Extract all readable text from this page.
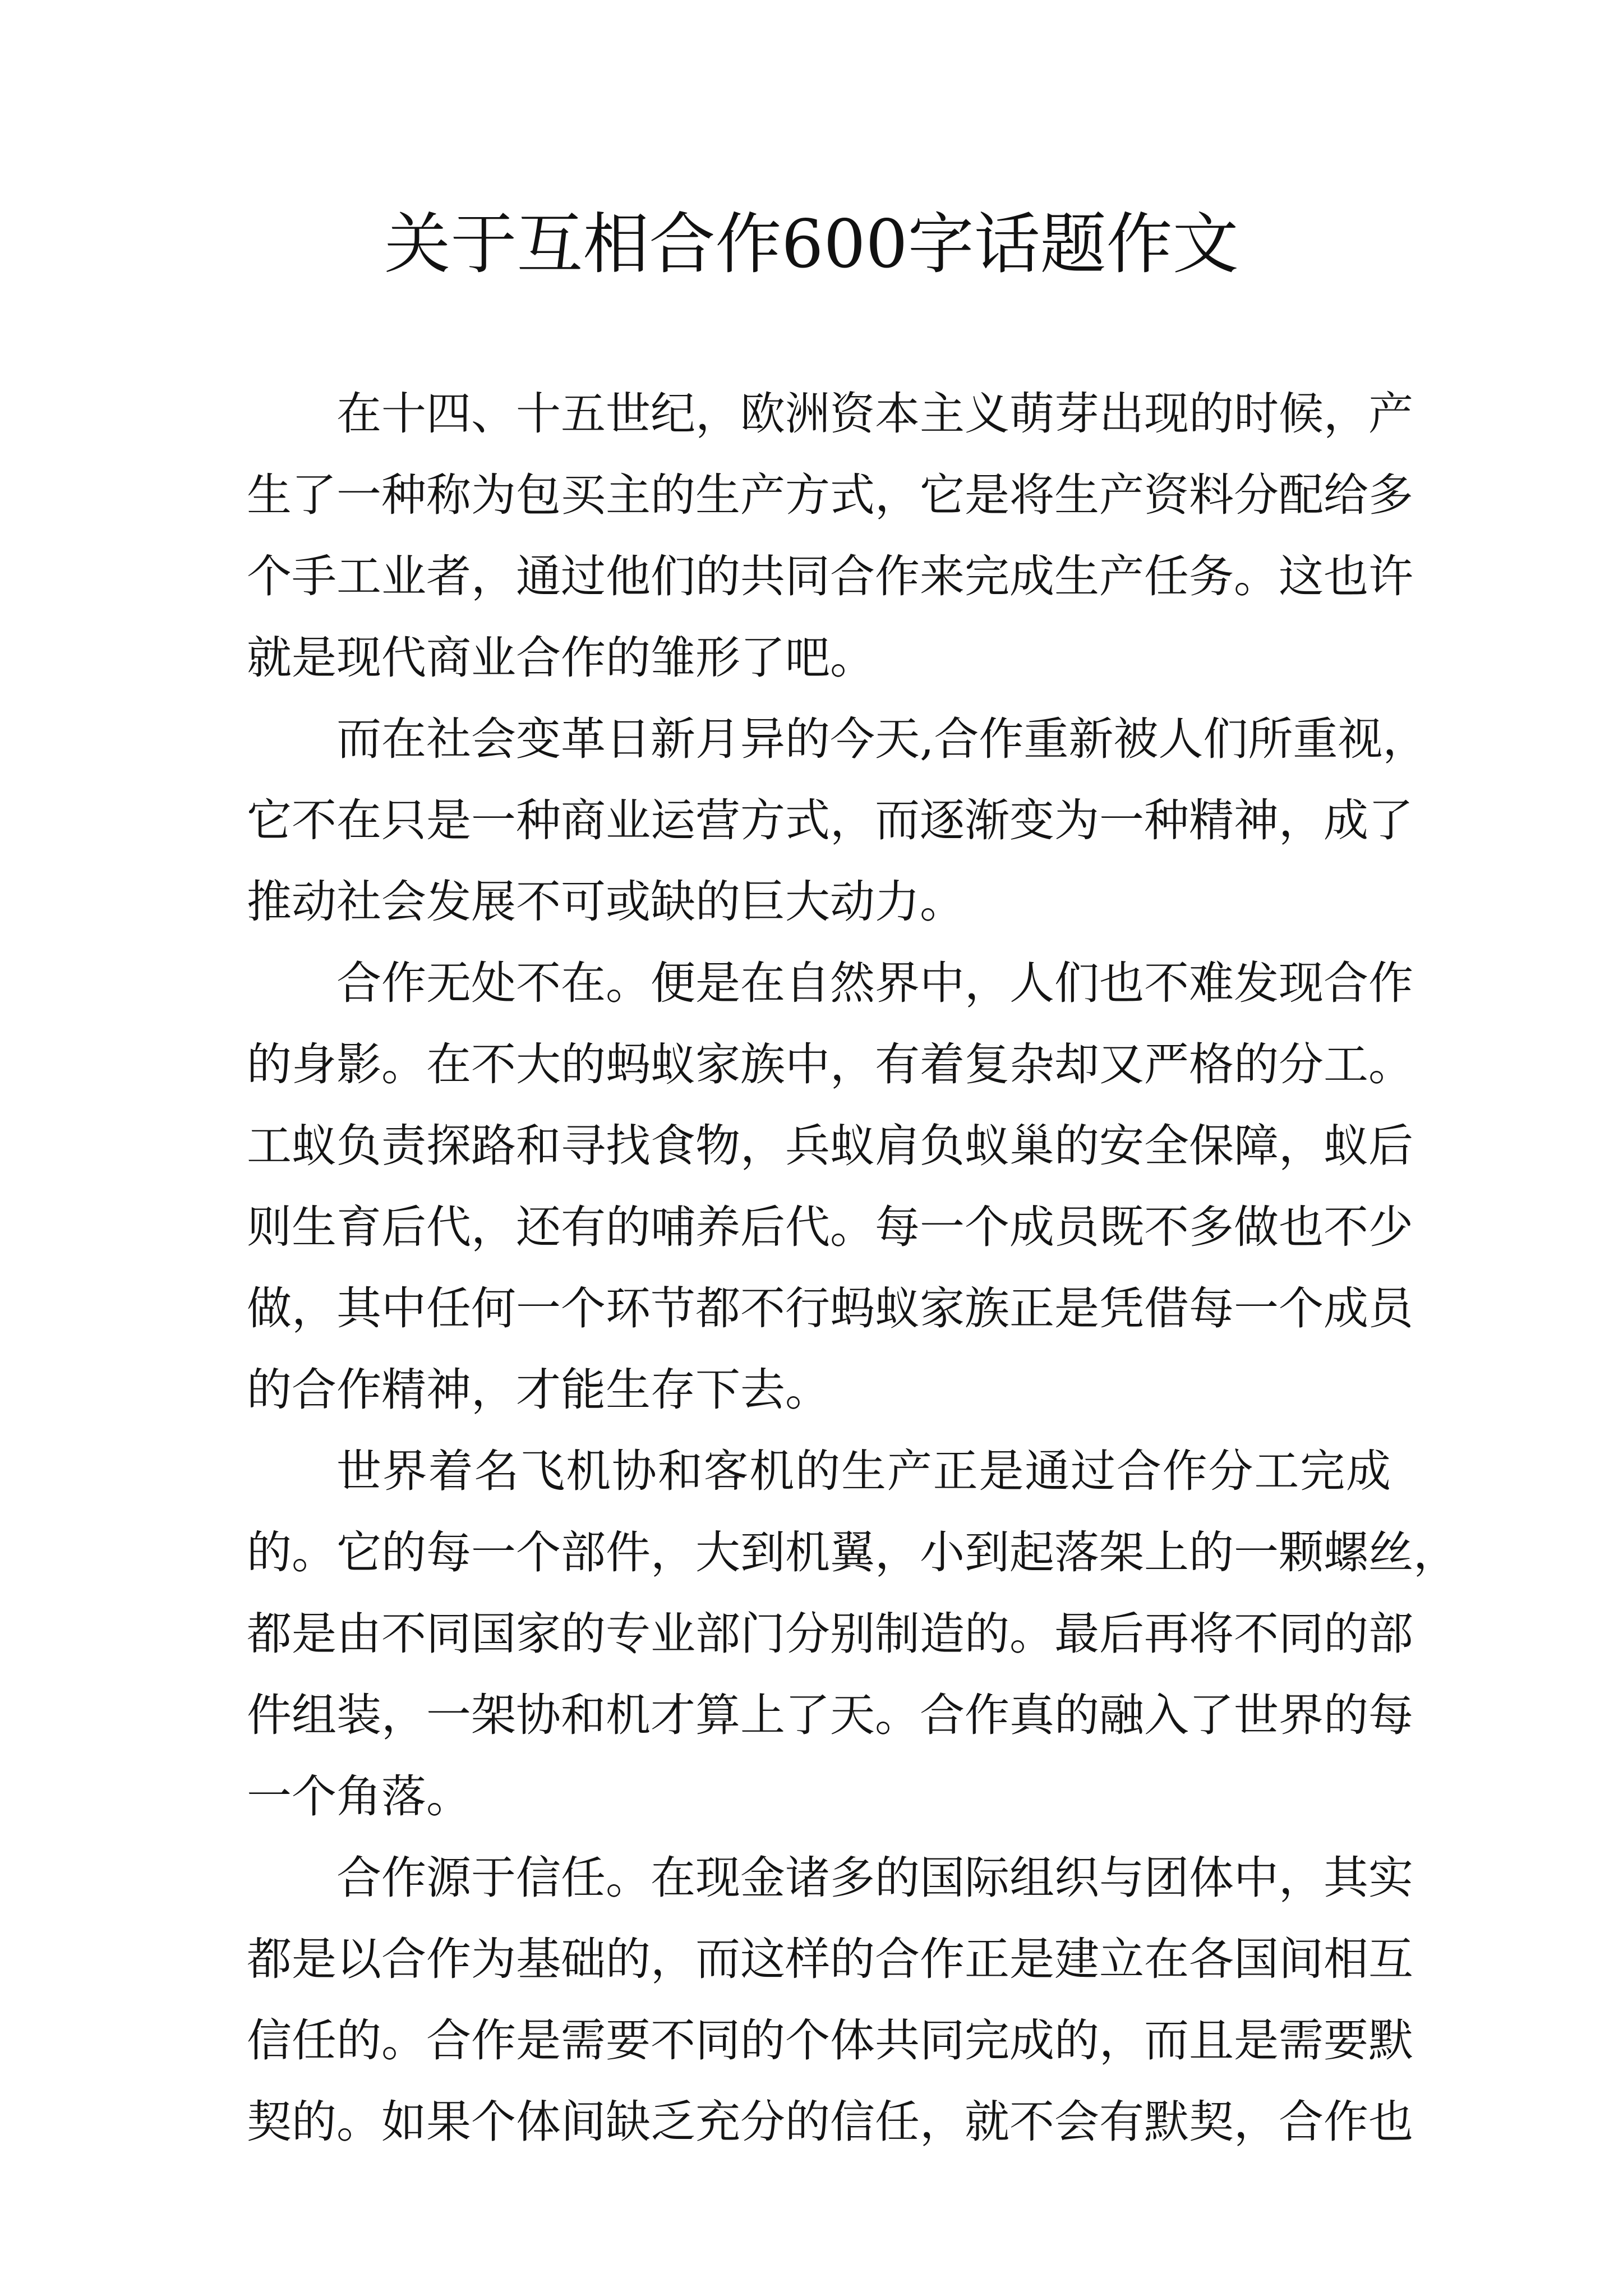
关于互相合作600字话题作文
在十四、十五世纪，欧洲资本主义萌芽出现的时候，产
生了一种称为包买主的生产方式，它是将生产资料分配给多
个手工业者，通过他们的共同合作来完成生产任务。这也许
就是现代商业合作的雏形了吧。
而在社会变革日新月异的今天,合作重新被人们所重视，
它不在只是一种商业运营方式，而逐渐变为一种精神，成了
推动社会发展不可或缺的巨大动力。
合作无处不在。便是在自然界中，人们也不难发现合作
的身影。在不大的蚂蚁家族中，有着复杂却又严格的分工。
工蚁负责探路和寻找食物，兵蚁肩负蚁巢的安全保障，蚁后
则生育后代，还有的哺养后代。每一个成员既不多做也不少
做，其中任何一个环节都不行蚂蚁家族正是凭借每一个成员
的合作精神，才能生存下去。
世界着名飞机协和客机的生产正是通过合作分工完成
的。它的每一个部件，大到机翼，小到起落架上的一颗螺丝，
都是由不同国家的专业部门分别制造的。最后再将不同的部
件组装，一架协和机才算上了天。合作真的融入了世界的每
一个角落。
合作源于信任。在现金诸多的国际组织与团体中，其实
都是以合作为基础的，而这样的合作正是建立在各国间相互
信任的。合作是需要不同的个体共同完成的，而且是需要默
契的。如果个体间缺乏充分的信任，就不会有默契，合作也
